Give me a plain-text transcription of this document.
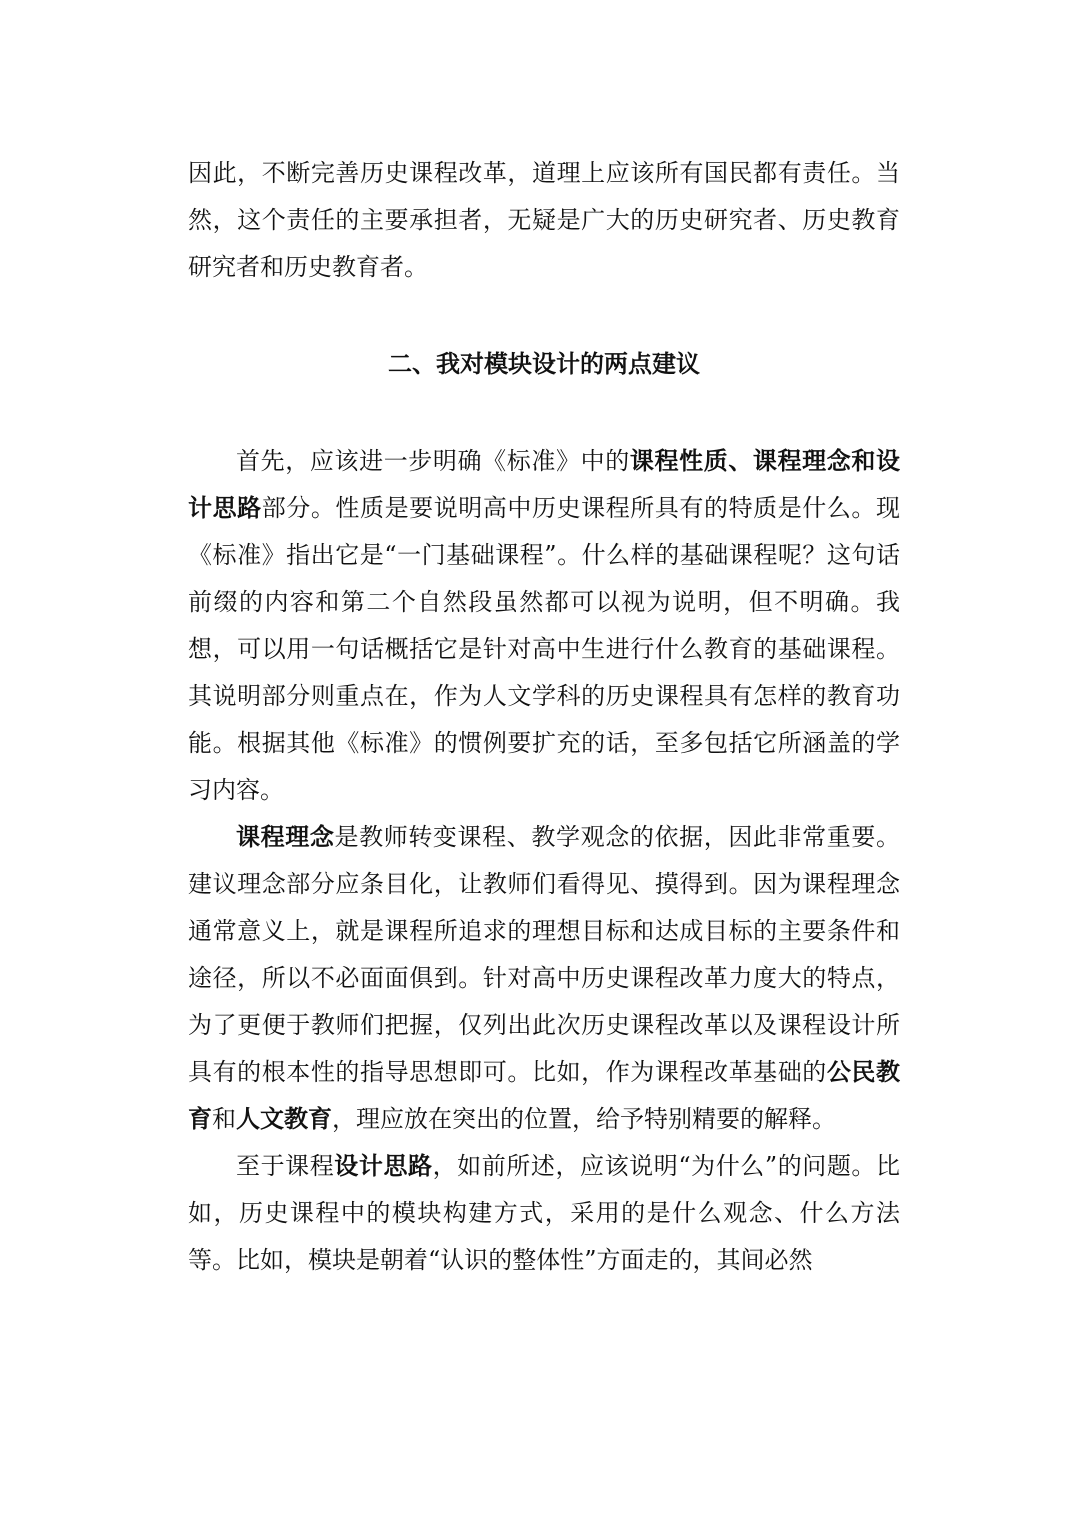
因此，不断完善历史课程改革，道理上应该所有国民都有责任。当然，这个责任的主要承担者，无疑是广大的历史研究者、历史教育研究者和历史教育者。

二、我对模块设计的两点建议

首先，应该进一步明确《标准》中的课程性质、课程理念和设计思路部分。性质是要说明高中历史课程所具有的特质是什么。现《标准》指出它是“一门基础课程”。什么样的基础课程呢？这句话前缀的内容和第二个自然段虽然都可以视为说明，但不明确。我想，可以用一句话概括它是针对高中生进行什么教育的基础课程。其说明部分则重点在，作为人文学科的历史课程具有怎样的教育功能。根据其他《标准》的惯例要扩充的话，至多包括它所涵盖的学习内容。

课程理念是教师转变课程、教学观念的依据，因此非常重要。建议理念部分应条目化，让教师们看得见、摸得到。因为课程理念通常意义上，就是课程所追求的理想目标和达成目标的主要条件和途径，所以不必面面俱到。针对高中历史课程改革力度大的特点，为了更便于教师们把握，仅列出此次历史课程改革以及课程设计所具有的根本性的指导思想即可。比如，作为课程改革基础的公民教育和人文教育，理应放在突出的位置，给予特别精要的解释。

至于课程设计思路，如前所述，应该说明“为什么”的问题。比如，历史课程中的模块构建方式，采用的是什么观念、什么方法等。比如，模块是朝着“认识的整体性”方面走的，其间必然
